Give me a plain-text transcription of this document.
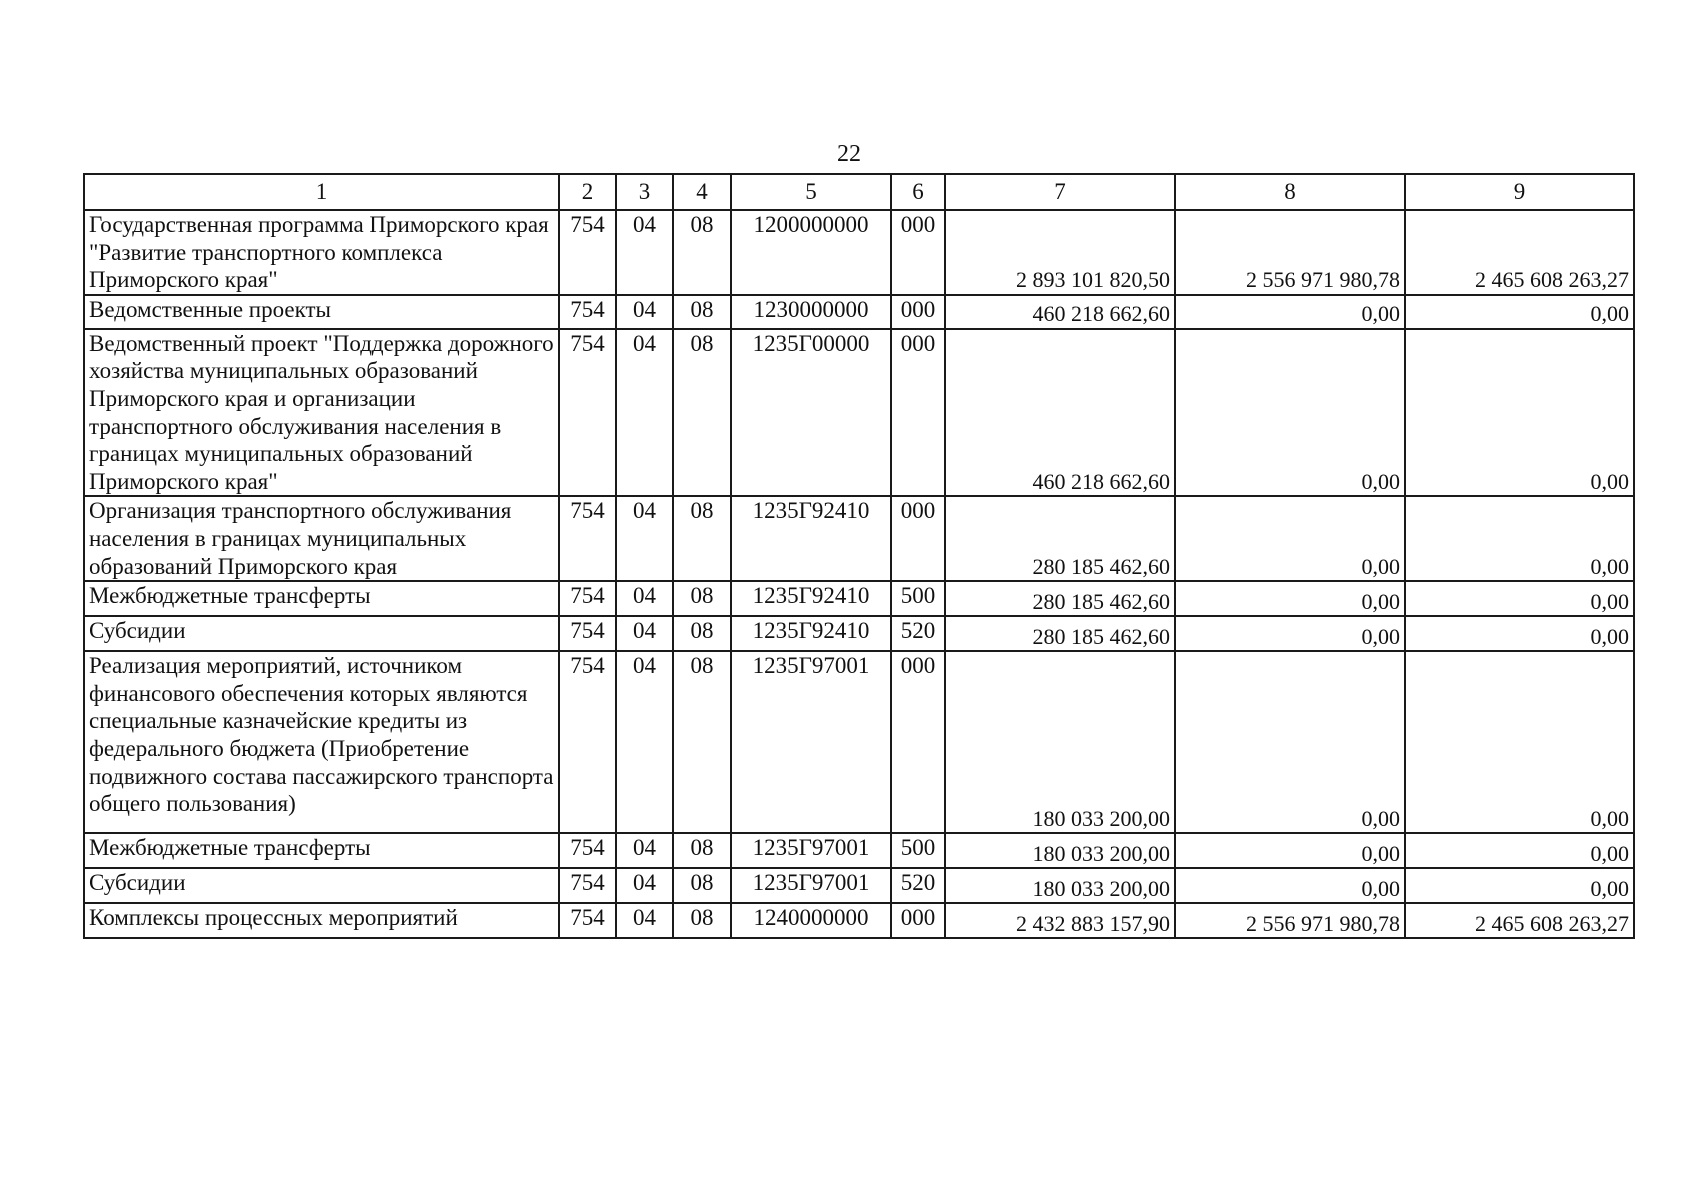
22
1	2	3	4	5	6	7	8	9
Государственная программа Приморского края "Развитие транспортного комплекса Приморского края"	754	04	08	1200000000	000	2 893 101 820,50	2 556 971 980,78	2 465 608 263,27
Ведомственные проекты	754	04	08	1230000000	000	460 218 662,60	0,00	0,00
Ведомственный проект "Поддержка дорожного хозяйства муниципальных образований Приморского края и организации транспортного обслуживания населения в границах муниципальных образований Приморского края"	754	04	08	1235Г00000	000	460 218 662,60	0,00	0,00
Организация транспортного обслуживания населения в границах муниципальных образований Приморского края	754	04	08	1235Г92410	000	280 185 462,60	0,00	0,00
Межбюджетные трансферты	754	04	08	1235Г92410	500	280 185 462,60	0,00	0,00
Субсидии	754	04	08	1235Г92410	520	280 185 462,60	0,00	0,00
Реализация мероприятий, источником финансового обеспечения которых являются специальные казначейские кредиты из федерального бюджета (Приобретение подвижного состава пассажирского транспорта общего пользования)	754	04	08	1235Г97001	000	180 033 200,00	0,00	0,00
Межбюджетные трансферты	754	04	08	1235Г97001	500	180 033 200,00	0,00	0,00
Субсидии	754	04	08	1235Г97001	520	180 033 200,00	0,00	0,00
Комплексы процессных мероприятий	754	04	08	1240000000	000	2 432 883 157,90	2 556 971 980,78	2 465 608 263,27
